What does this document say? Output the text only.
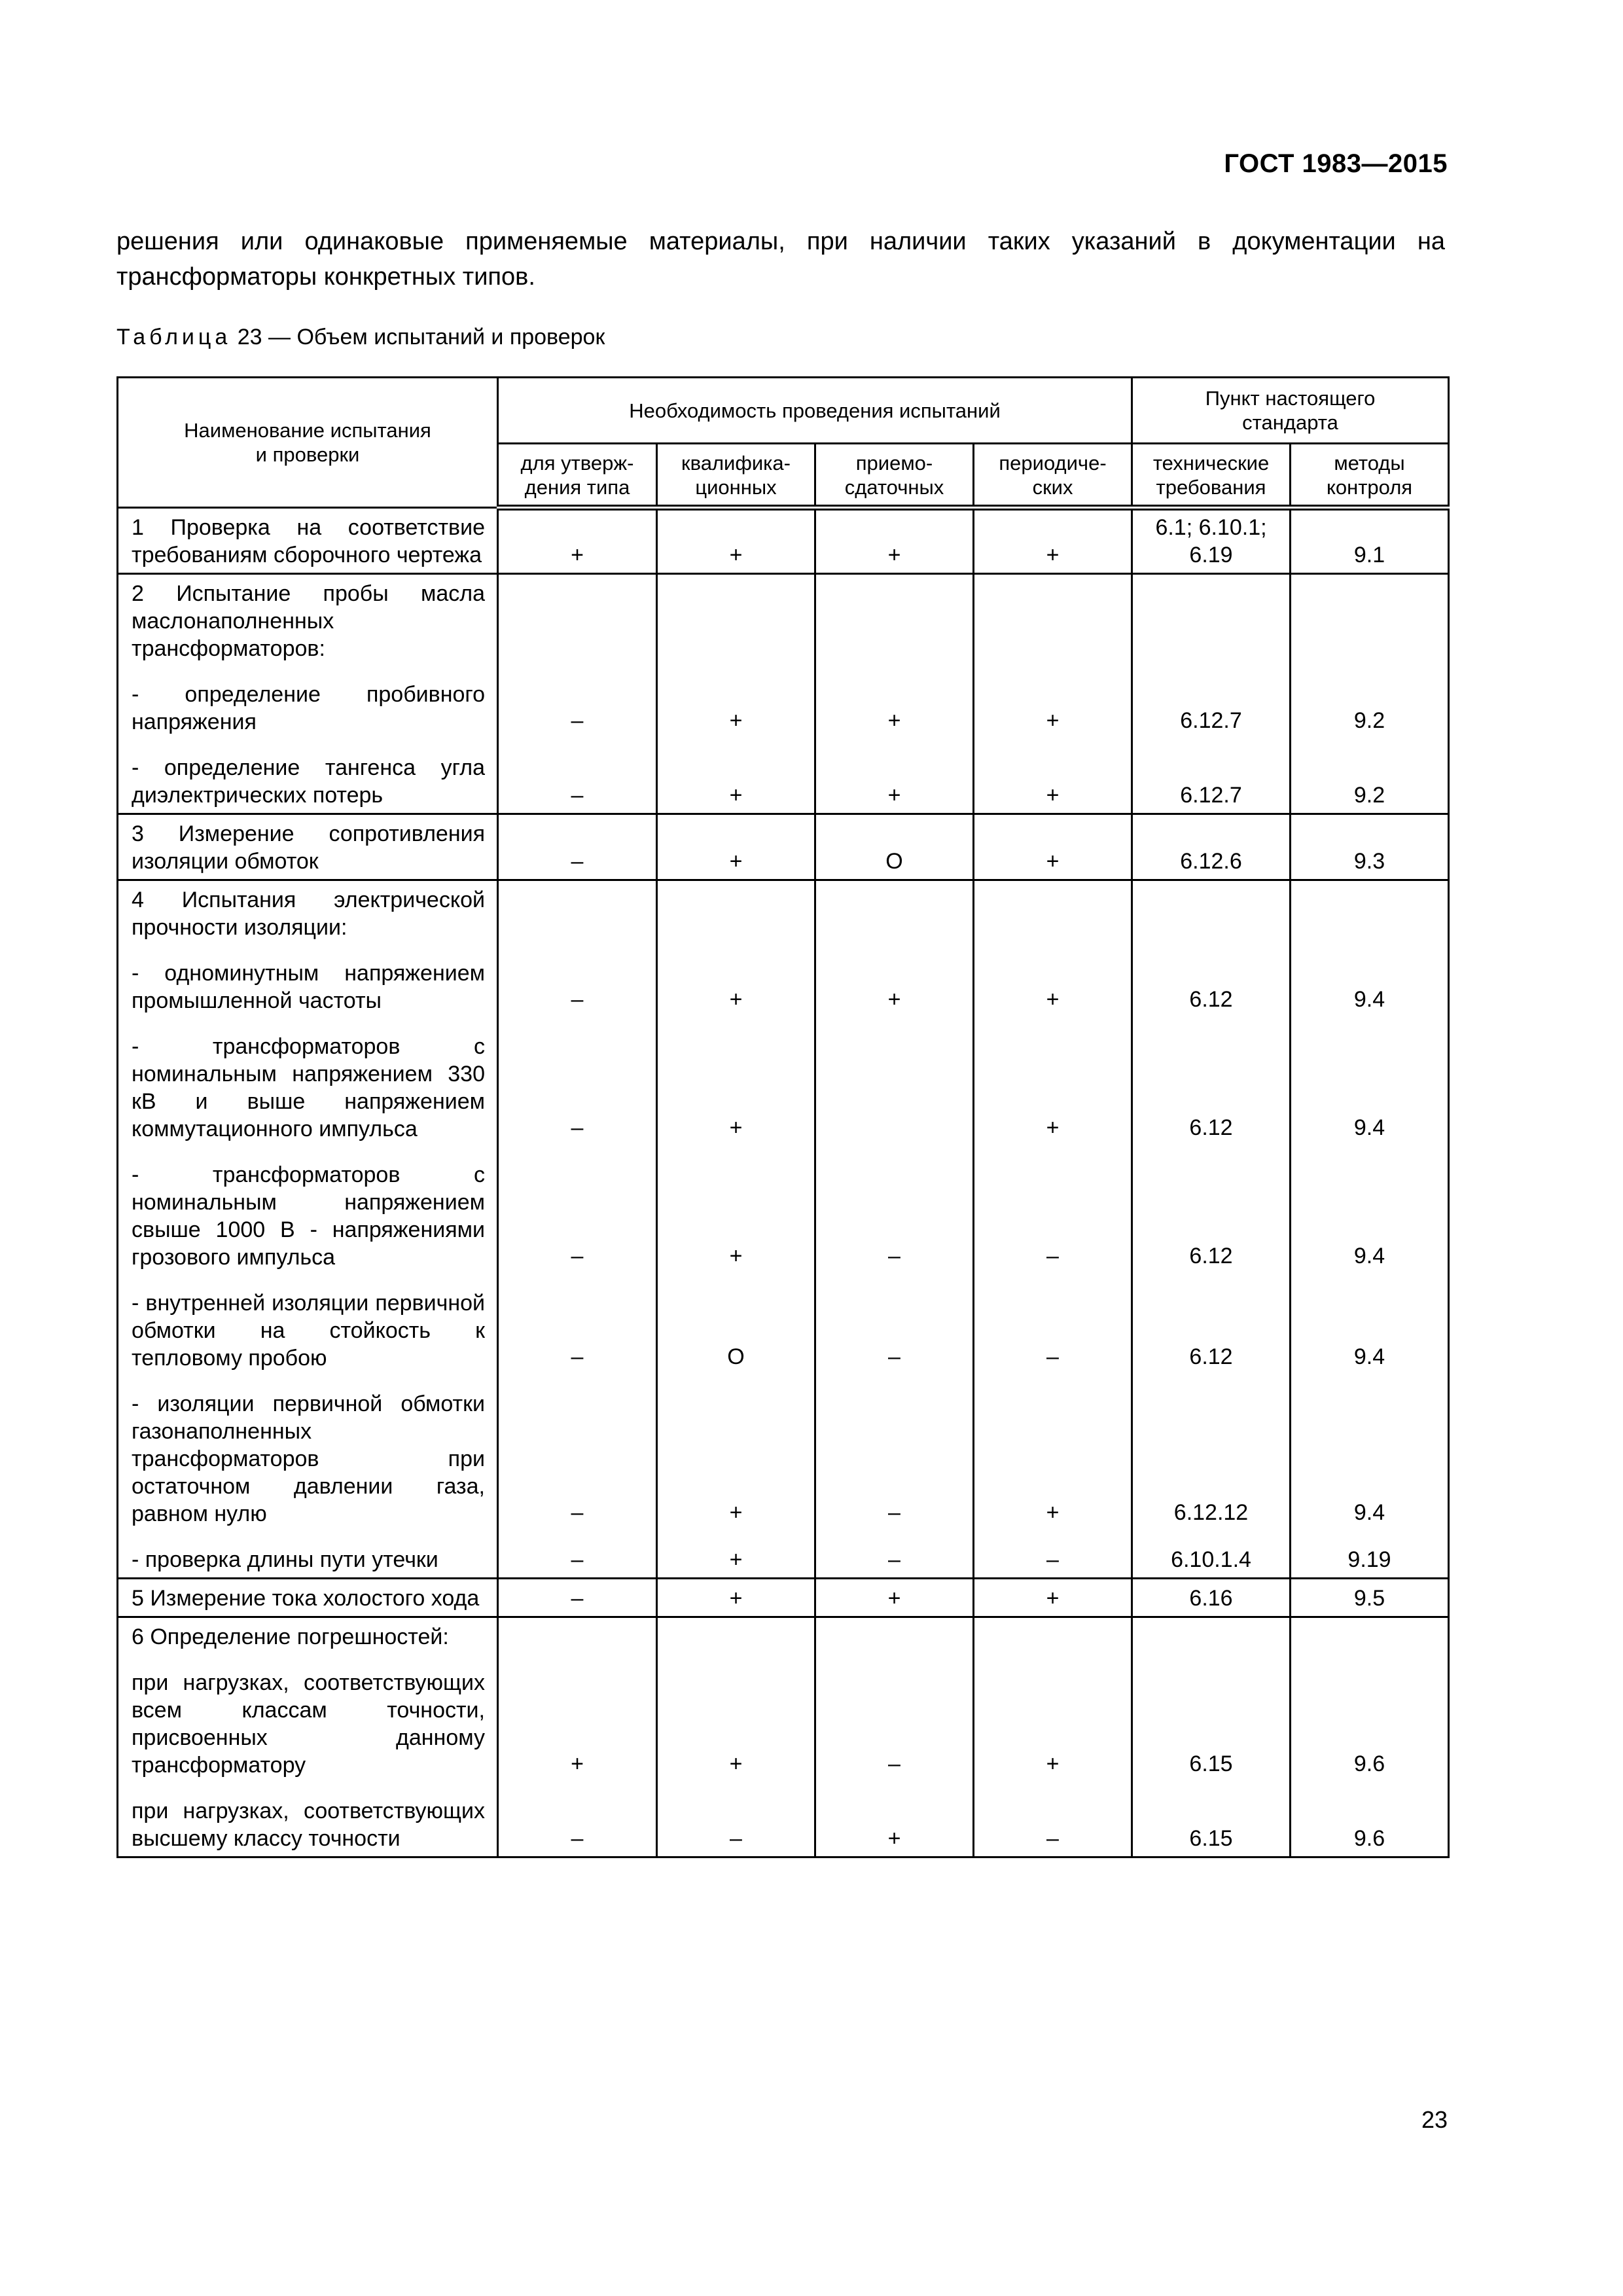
ГОСТ 1983—2015
решения или одинаковые применяемые материалы, при наличии таких указаний в документации на трансформаторы конкретных типов.
Таблица 23 — Объем испытаний и проверок
Наименование испытания и проверки	Необходимость проведения испытаний				Пункт настоящего стандарта	
	для утверж-дения типа	квалифика-ционных	приемо-сдаточных	периодиче-ских	технические требования	методы контроля
1 Проверка на соответствие требованиям сборочного чертежа	+	+	+	+	6.1; 6.10.1; 6.19	9.1
2 Испытание пробы масла маслонаполненных трансформаторов:						
- определение пробивного напряжения	–	+	+	+	6.12.7	9.2
- определение тангенса угла диэлектрических потерь	–	+	+	+	6.12.7	9.2
3 Измерение сопротивления изоляции обмоток	–	+	О	+	6.12.6	9.3
4 Испытания электрической прочности изоляции:						
- одноминутным напряжением промышленной частоты	–	+	+	+	6.12	9.4
- трансформаторов с номинальным напряжением 330 кВ и выше напряжением коммутационного импульса	–	+		+	6.12	9.4
- трансформаторов с номинальным напряжением свыше 1000 В - напряжениями грозового импульса	–	+	–	–	6.12	9.4
- внутренней изоляции первичной обмотки на стойкость к тепловому пробою	–	О	–	–	6.12	9.4
- изоляции первичной обмотки газонаполненных трансформаторов при остаточном давлении газа, равном нулю	–	+	–	+	6.12.12	9.4
- проверка длины пути утечки	–	+	–	–	6.10.1.4	9.19
5 Измерение тока холостого хода	–	+	+	+	6.16	9.5
6 Определение погрешностей:						
при нагрузках, соответствующих всем классам точности, присвоенных данному трансформатору	+	+	–	+	6.15	9.6
при нагрузках, соответствующих высшему классу точности	–	–	+	–	6.15	9.6
23
